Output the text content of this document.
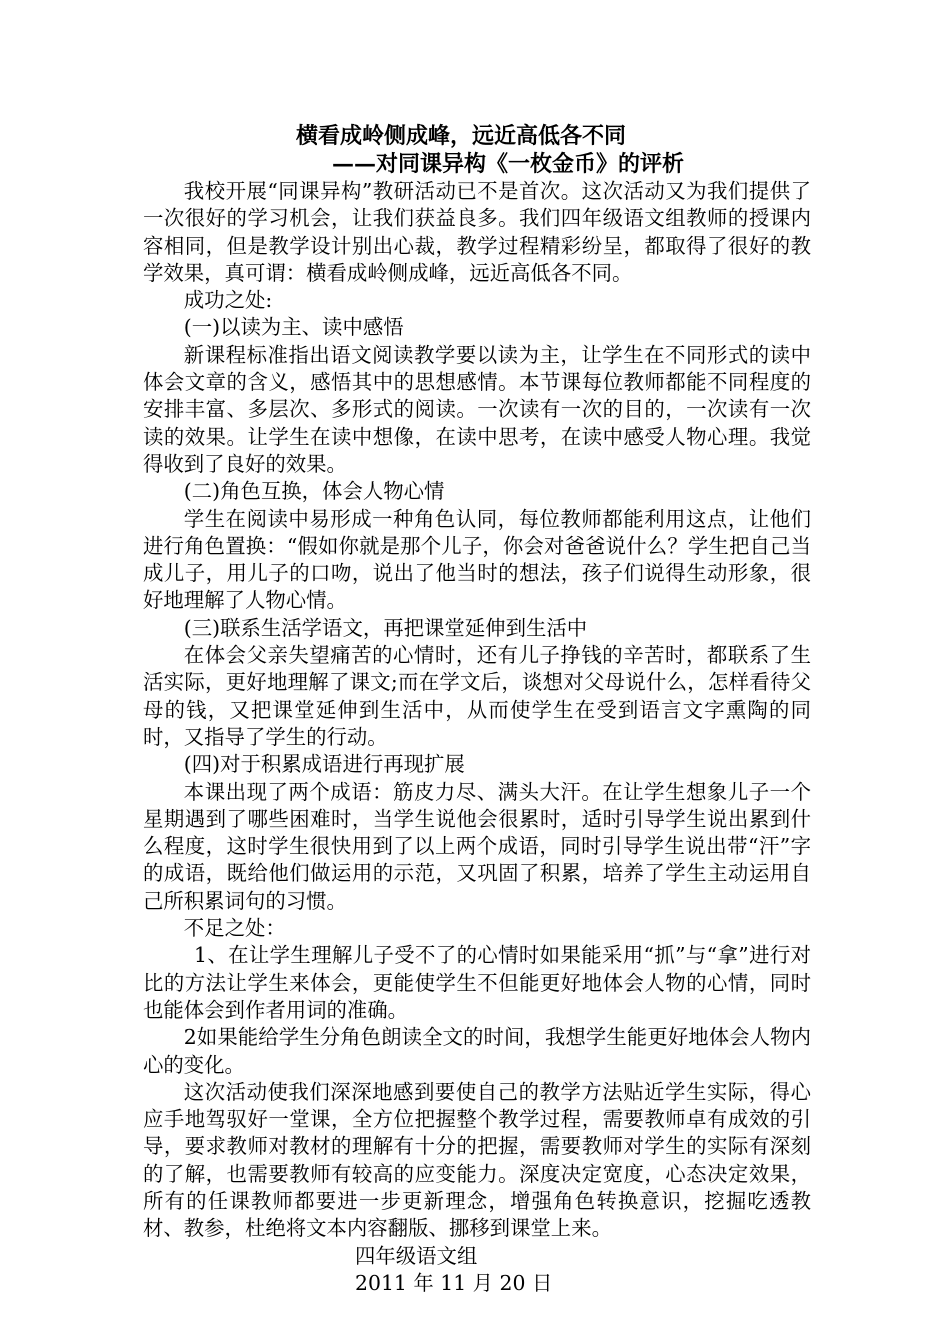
横看成岭侧成峰，远近高低各不同

——对同课异构《一枚金币》的评析

我校开展“同课异构”教研活动已不是首次。这次活动又为我们提供了一次很好的学习机会，让我们获益良多。我们四年级语文组教师的授课内容相同，但是教学设计别出心裁，教学过程精彩纷呈，都取得了很好的教学效果，真可谓：横看成岭侧成峰，远近高低各不同。

成功之处:

(一)以读为主、读中感悟

新课程标准指出语文阅读教学要以读为主，让学生在不同形式的读中体会文章的含义，感悟其中的思想感情。本节课每位教师都能不同程度的安排丰富、多层次、多形式的阅读。一次读有一次的目的，一次读有一次读的效果。让学生在读中想像，在读中思考，在读中感受人物心理。我觉得收到了良好的效果。

(二)角色互换，体会人物心情

学生在阅读中易形成一种角色认同，每位教师都能利用这点，让他们进行角色置换：“假如你就是那个儿子，你会对爸爸说什么？学生把自己当成儿子，用儿子的口吻，说出了他当时的想法，孩子们说得生动形象，很好地理解了人物心情。

(三)联系生活学语文，再把课堂延伸到生活中

在体会父亲失望痛苦的心情时，还有儿子挣钱的辛苦时，都联系了生活实际，更好地理解了课文;而在学文后，谈想对父母说什么，怎样看待父母的钱，又把课堂延伸到生活中，从而使学生在受到语言文字熏陶的同时，又指导了学生的行动。

(四)对于积累成语进行再现扩展

本课出现了两个成语：筋皮力尽、满头大汗。在让学生想象儿子一个星期遇到了哪些困难时，当学生说他会很累时，适时引导学生说出累到什么程度，这时学生很快用到了以上两个成语，同时引导学生说出带“汗”字的成语，既给他们做运用的示范，又巩固了积累，培养了学生主动运用自己所积累词句的习惯。

不足之处：

1、在让学生理解儿子受不了的心情时如果能采用“抓”与“拿”进行对比的方法让学生来体会，更能使学生不但能更好地体会人物的心情，同时也能体会到作者用词的准确。

2如果能给学生分角色朗读全文的时间，我想学生能更好地体会人物内心的变化。

这次活动使我们深深地感到要使自己的教学方法贴近学生实际，得心应手地驾驭好一堂课，全方位把握整个教学过程，需要教师卓有成效的引导，要求教师对教材的理解有十分的把握，需要教师对学生的实际有深刻的了解，也需要教师有较高的应变能力。深度决定宽度，心态决定效果，所有的任课教师都要进一步更新理念，增强角色转换意识，挖掘吃透教材、教参，杜绝将文本内容翻版、挪移到课堂上来。

四年级语文组

2011 年 11 月 20 日
